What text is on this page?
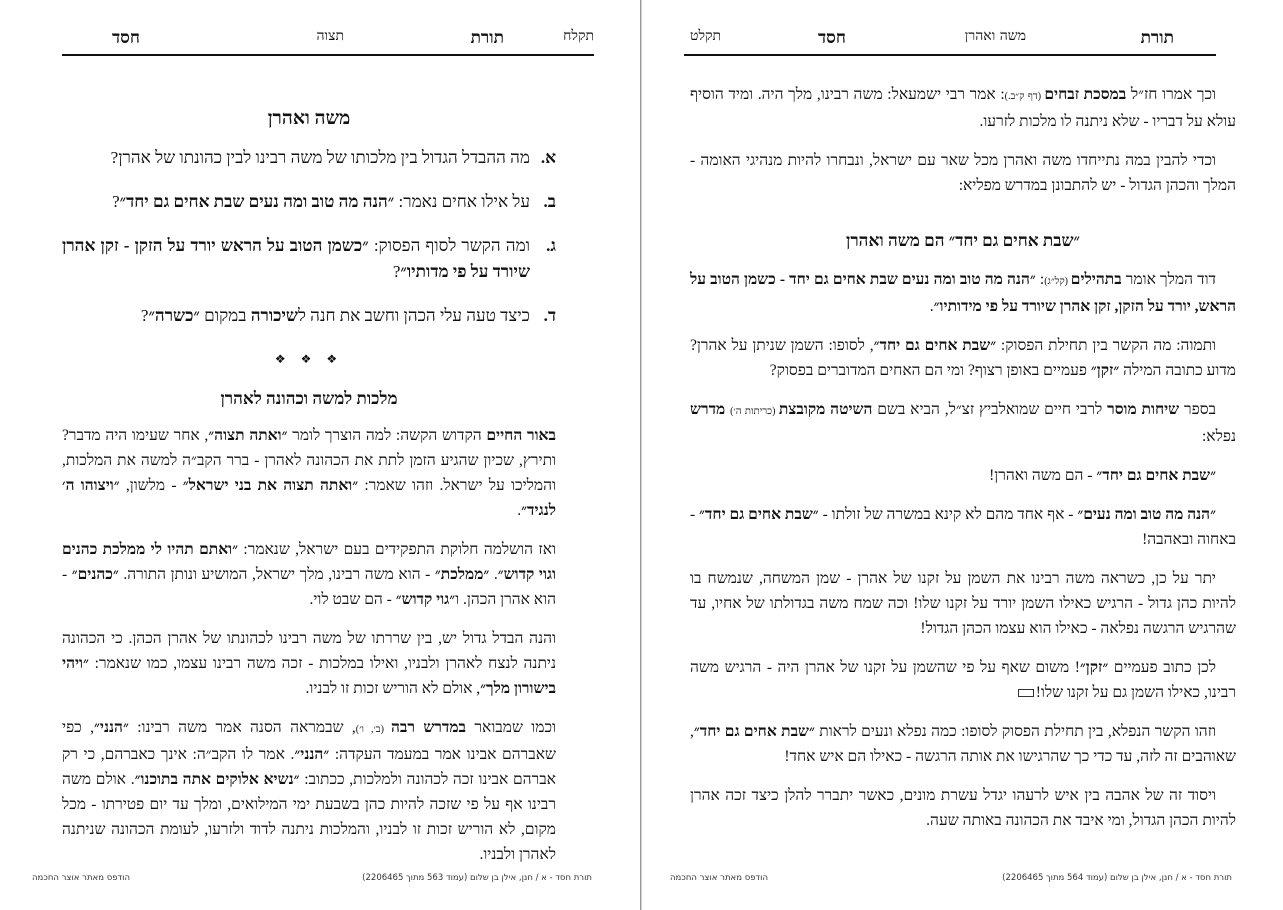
תקלח
תורת
תצוה
חסד
משה ואהרן
א.
מה ההבדל הגדול בין מלכותו של משה רבינו לבין כהונתו של אהרן?
ב.
על אילו אחים נאמר: ״הנה מה טוב ומה נעים שבת אחים גם יחד״?
ג.
ומה הקשר לסוף הפסוק: ״כשמן הטוב על הראש יורד על הזקן - זקן אהרן שיורד על פי מדותיו״?
ד.
כיצד טעה עלי הכהן וחשב את חנה לשיכורה במקום ״כשרה״?
❖ ❖ ❖
מלכות למשה וכהונה לאהרן

באור החיים הקדוש הקשה: למה הוצרך לומר ״ואתה תצוה״, אחר שעימו היה מדבר? ותירץ, שכיון שהגיע הזמן לתת את הכהונה לאהרן - ברר הקב״ה למשה את המלכות, והמליכו על ישראל. וזהו שאמר: ״ואתה תצוה את בני ישראל״ - מלשון, ״ויצוהו ה׳ לנגיד״.

ואז הושלמה חלוקת התפקידים בעם ישראל, שנאמר: ״ואתם תהיו לי ממלכת כהנים וגוי קדוש״. ״ממלכת״ - הוא משה רבינו, מלך ישראל, המושיע ונותן התורה. ״כהנים״ - הוא אהרן הכהן. ו״גוי קדוש״ - הם שבט לוי.

והנה הבדל גדול יש, בין שררתו של משה רבינו לכהונתו של אהרן הכהן. כי הכהונה ניתנה לנצח לאהרן ולבניו, ואילו במלכות - זכה משה רבינו עצמו, כמו שנאמר: ״ויהי בישורון מלך״, אולם לא הוריש זכות זו לבניו.

וכמו שמבואר במדרש רבה (ב׳, ו׳), שבמראה הסנה אמר משה רבינו: ״הנני״, כפי שאברהם אבינו אמר במעמד העקדה: ״הנני״. אמר לו הקב״ה: אינך כאברהם, כי רק אברהם אבינו זכה לכהונה ולמלכות, ככתוב: ״נשיא אלוקים אתה בתוכנו״. אולם משה רבינו אף על פי שזכה להיות כהן בשבעת ימי המילואים, ומלך עד יום פטירתו - מכל מקום, לא הוריש זכות זו לבניו, והמלכות ניתנה לדוד ולזרעו, לעומת הכהונה שניתנה לאהרן ולבניו.

תורת חסד - א / חנן, אילן בן שלום (עמוד 563 מתוך 2206465)
הודפס מאתר אוצר החכמה
תורת
משה ואהרן
חסד
תקלט

וכך אמרו חז״ל במסכת זבחים (דף ק״ב.): אמר רבי ישמעאל: משה רבינו, מלך היה. ומיד הוסיף עולא על דבריו - שלא ניתנה לו מלכות לזרעו.

וכדי להבין במה נתייחדו משה ואהרן מכל שאר עם ישראל, ונבחרו להיות מנהיגי האומה - המלך והכהן הגדול - יש להתבונן במדרש מפליא:

״שבת אחים גם יחד״ הם משה ואהרן

דוד המלך אומר בתהילים (קל״ג): ״הנה מה טוב ומה נעים שבת אחים גם יחד - כשמן הטוב על הראש, יורד על הזקן, זקן אהרן שיורד על פי מידותיו״.

ותמוה: מה הקשר בין תחילת הפסוק: ״שבת אחים גם יחד״, לסופו: השמן שניתן על אהרן? מדוע כתובה המילה ״זקן״ פעמיים באופן רצוף? ומי הם האחים המדוברים בפסוק?

בספר שיחות מוסר לרבי חיים שמואלביץ זצ״ל, הביא בשם השיטה מקובצת (כריתות ה׳) מדרש נפלא:

״שבת אחים גם יחד״ - הם משה ואהרן!

״הנה מה טוב ומה נעים״ - אף אחד מהם לא קינא במשרה של זולתו - ״שבת אחים גם יחד״ - באחוה ובאהבה!

יתר על כן, כשראה משה רבינו את השמן על זקנו של אהרן - שמן המשחה, שנמשח בו להיות כהן גדול - הרגיש כאילו השמן יורד על זקנו שלו! וכה שמח משה בגדולתו של אחיו, עד שהרגיש הרגשה נפלאה - כאילו הוא עצמו הכהן הגדול!

לכן כתוב פעמיים ״זקן״! משום שאף על פי שהשמן על זקנו של אהרן היה - הרגיש משה רבינו, כאילו השמן גם על זקנו שלו!

וזהו הקשר הנפלא, בין תחילת הפסוק לסופו: כמה נפלא ונעים לראות ״שבת אחים גם יחד״, שאוהבים זה לזה, עד כדי כך שהרגישו את אותה הרגשה - כאילו הם איש אחד!

ויסוד זה של אהבה בין איש לרעהו יגדל עשרת מונים, כאשר יתברר להלן כיצד זכה אהרן להיות הכהן הגדול, ומי איבד את הכהונה באותה שעה.

תורת חסד - א / חנן, אילן בן שלום (עמוד 564 מתוך 2206465)
הודפס מאתר אוצר החכמה
